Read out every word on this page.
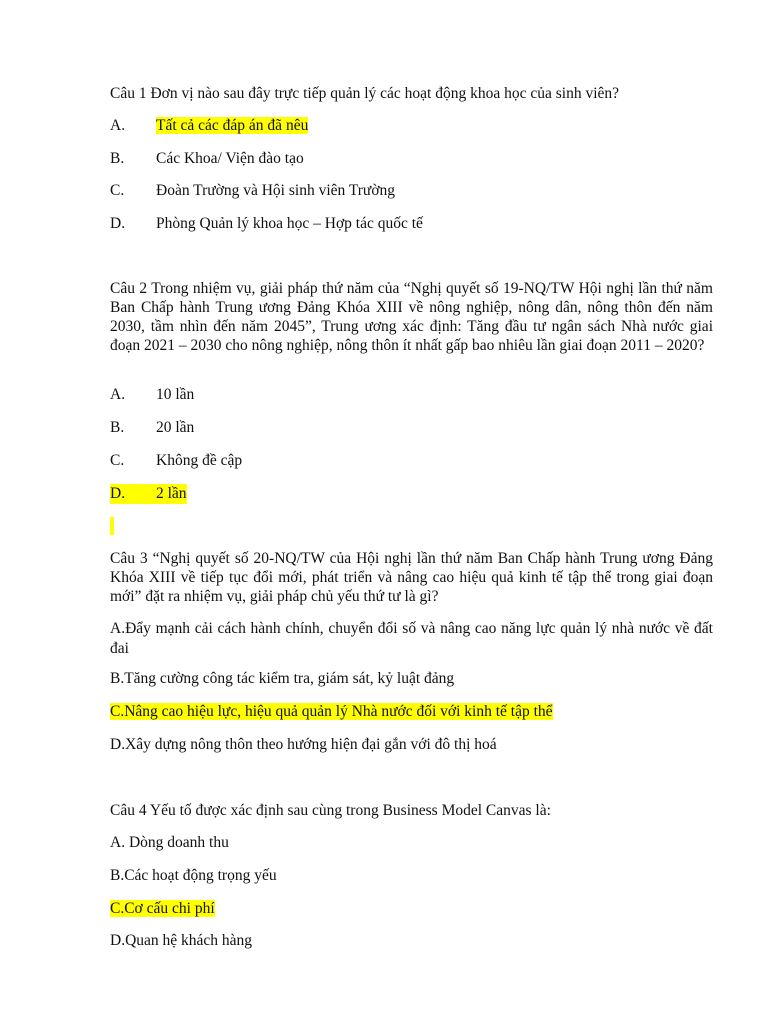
Câu 1 Đơn vị nào sau đây trực tiếp quản lý các hoạt động khoa học của sinh viên?

A. Tất cả các đáp án đã nêu
B. Các Khoa/ Viện đào tạo
C. Đoàn Trường và Hội sinh viên Trường
D. Phòng Quản lý khoa học – Hợp tác quốc tế

Câu 2 Trong nhiệm vụ, giải pháp thứ năm của “Nghị quyết số 19-NQ/TW Hội nghị lần thứ năm Ban Chấp hành Trung ương Đảng Khóa XIII về nông nghiệp, nông dân, nông thôn đến năm 2030, tầm nhìn đến năm 2045”, Trung ương xác định: Tăng đầu tư ngân sách Nhà nước giai đoạn 2021 – 2030 cho nông nghiệp, nông thôn ít nhất gấp bao nhiêu lần giai đoạn 2011 – 2020?

A. 10 lần
B. 20 lần
C. Không đề cập
D. 2 lần

Câu 3 “Nghị quyết số 20-NQ/TW của Hội nghị lần thứ năm Ban Chấp hành Trung ương Đảng Khóa XIII về tiếp tục đổi mới, phát triển và nâng cao hiệu quả kinh tế tập thể trong giai đoạn mới” đặt ra nhiệm vụ, giải pháp chủ yếu thứ tư là gì?

A.Đẩy mạnh cải cách hành chính, chuyển đổi số và nâng cao năng lực quản lý nhà nước về đất đai

B.Tăng cường công tác kiểm tra, giám sát, kỷ luật đảng
C.Nâng cao hiệu lực, hiệu quả quản lý Nhà nước đối với kinh tế tập thể
D.Xây dựng nông thôn theo hướng hiện đại gắn với đô thị hoá

Câu 4 Yếu tố được xác định sau cùng trong Business Model Canvas là:

A. Dòng doanh thu
B.Các hoạt động trọng yếu
C.Cơ cấu chi phí
D.Quan hệ khách hàng
